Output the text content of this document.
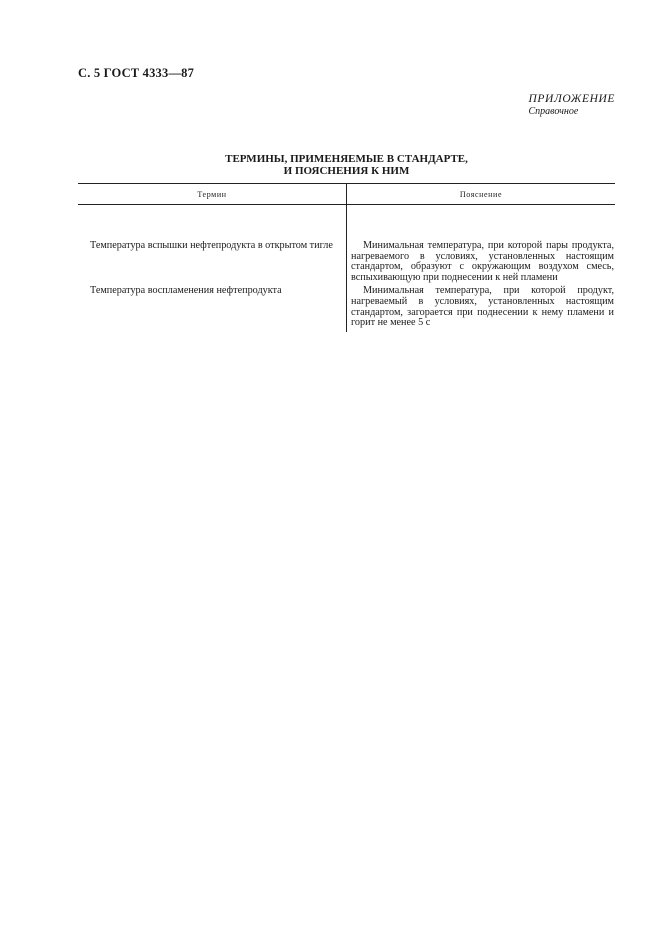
С. 5 ГОСТ 4333—87
ПРИЛОЖЕНИЕ
Справочное
ТЕРМИНЫ, ПРИМЕНЯЕМЫЕ В СТАНДАРТЕ,
И ПОЯСНЕНИЯ К НИМ
Термин	Пояснение
Температура вспышки нефтепродукта в открытом тигле	Минимальная температура, при которой пары продукта, нагреваемого в условиях, установленных настоящим стандартом, образуют с окружающим воздухом смесь, вспыхивающую при поднесении к ней пламени
Температура воспламенения нефтепродукта	Минимальная температура, при которой продукт, нагреваемый в условиях, установленных настоящим стандартом, загорается при поднесении к нему пламени и горит не менее 5 с
